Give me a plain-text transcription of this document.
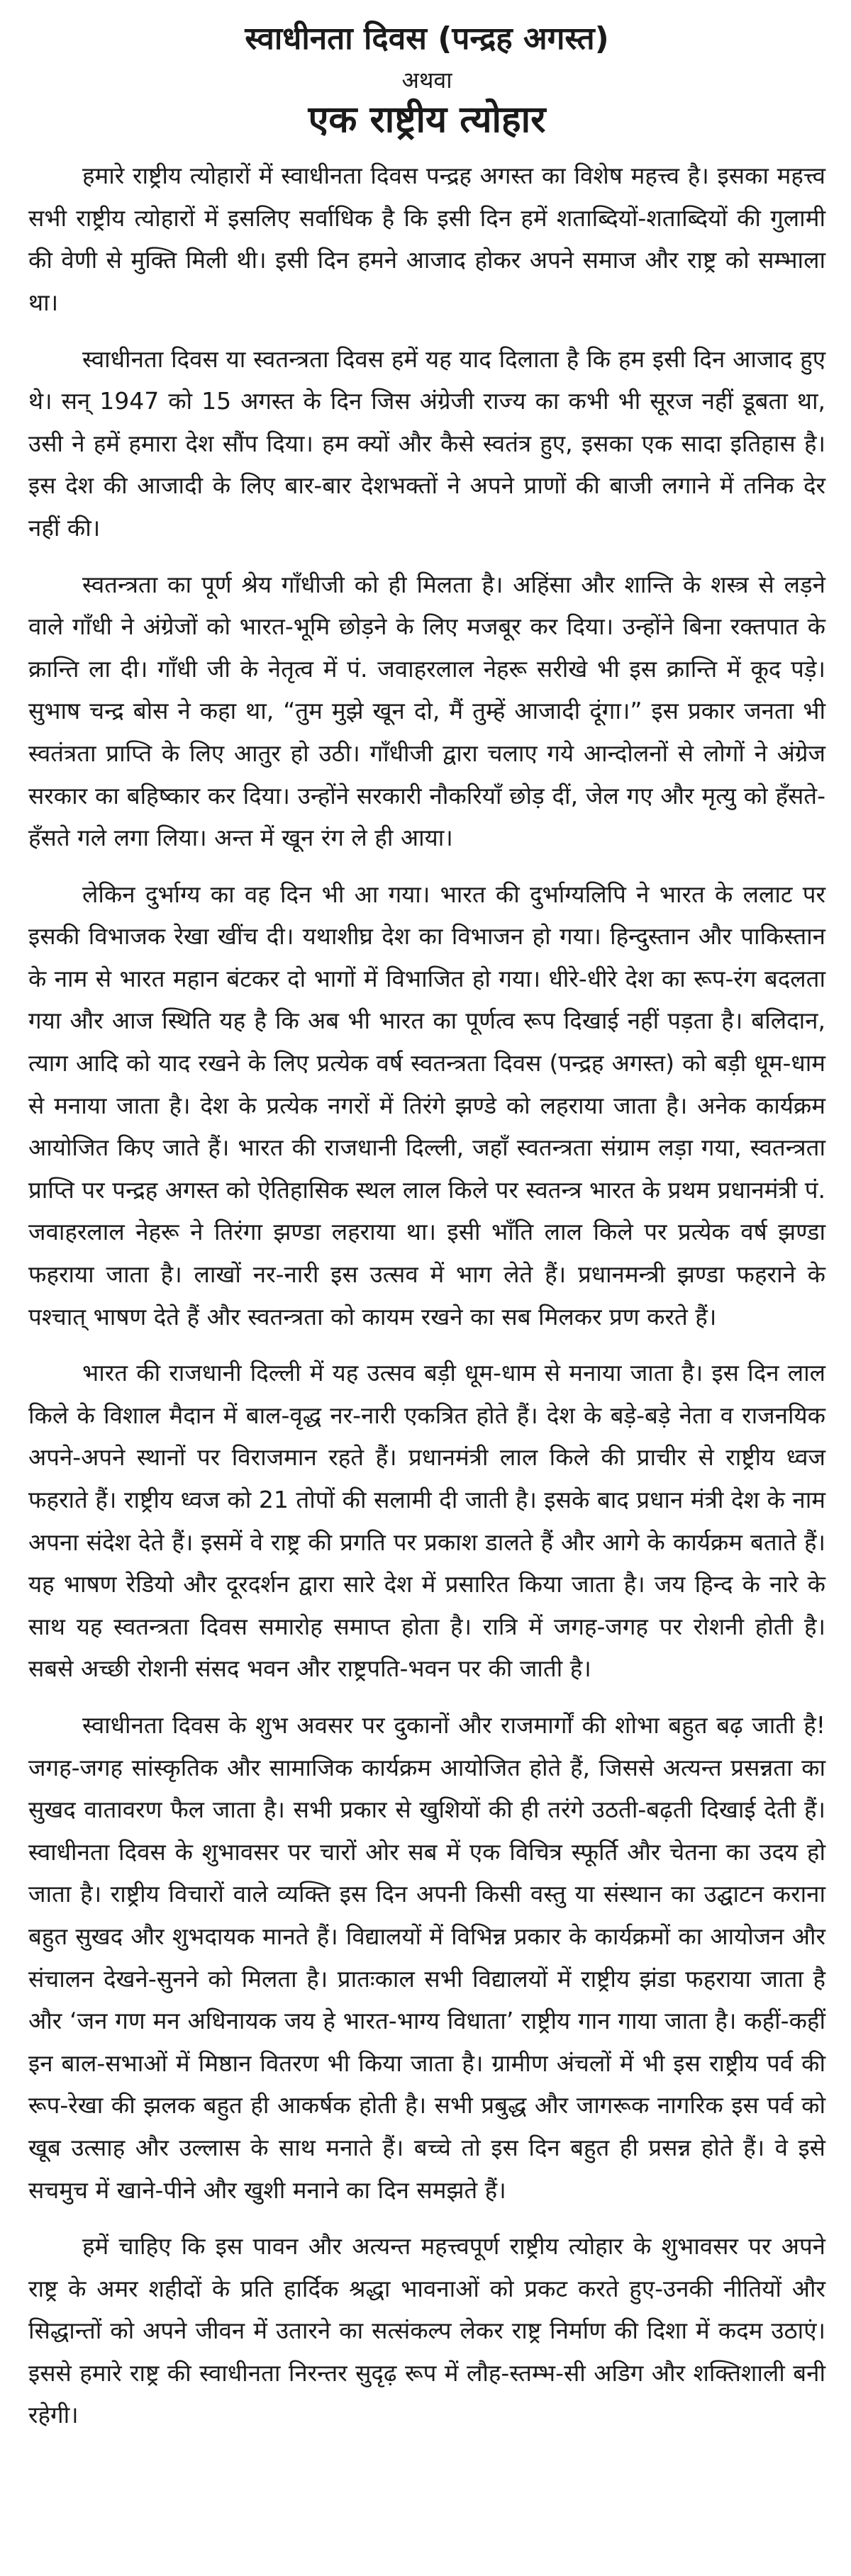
स्वाधीनता दिवस (पन्द्रह अगस्त)
अथवा
एक राष्ट्रीय त्योहार

हमारे राष्ट्रीय त्योहारों में स्वाधीनता दिवस पन्द्रह अगस्त का विशेष महत्त्व है। इसका महत्त्व सभी राष्ट्रीय त्योहारों में इसलिए सर्वाधिक है कि इसी दिन हमें शताब्दियों-शताब्दियों की गुलामी की वेणी से मुक्ति मिली थी। इसी दिन हमने आजाद होकर अपने समाज और राष्ट्र को सम्भाला था।

स्वाधीनता दिवस या स्वतन्त्रता दिवस हमें यह याद दिलाता है कि हम इसी दिन आजाद हुए थे। सन् 1947 को 15 अगस्त के दिन जिस अंग्रेजी राज्य का कभी भी सूरज नहीं डूबता था, उसी ने हमें हमारा देश सौंप दिया। हम क्यों और कैसे स्वतंत्र हुए, इसका एक सादा इतिहास है। इस देश की आजादी के लिए बार-बार देशभक्तों ने अपने प्राणों की बाजी लगाने में तनिक देर नहीं की।

स्वतन्त्रता का पूर्ण श्रेय गाँधीजी को ही मिलता है। अहिंसा और शान्ति के शस्त्र से लड़ने वाले गाँधी ने अंग्रेजों को भारत-भूमि छोड़ने के लिए मजबूर कर दिया। उन्होंने बिना रक्तपात के क्रान्ति ला दी। गाँधी जी के नेतृत्व में पं. जवाहरलाल नेहरू सरीखे भी इस क्रान्ति में कूद पड़े। सुभाष चन्द्र बोस ने कहा था, “तुम मुझे खून दो, मैं तुम्हें आजादी दूंगा।” इस प्रकार जनता भी स्वतंत्रता प्राप्ति के लिए आतुर हो उठी। गाँधीजी द्वारा चलाए गये आन्दोलनों से लोगों ने अंग्रेज सरकार का बहिष्कार कर दिया। उन्होंने सरकारी नौकरियाँ छोड़ दीं, जेल गए और मृत्यु को हँसते-हँसते गले लगा लिया। अन्त में खून रंग ले ही आया।

लेकिन दुर्भाग्य का वह दिन भी आ गया। भारत की दुर्भाग्यलिपि ने भारत के ललाट पर इसकी विभाजक रेखा खींच दी। यथाशीघ्र देश का विभाजन हो गया। हिन्दुस्तान और पाकिस्तान के नाम से भारत महान बंटकर दो भागों में विभाजित हो गया। धीरे-धीरे देश का रूप-रंग बदलता गया और आज स्थिति यह है कि अब भी भारत का पूर्णत्व रूप दिखाई नहीं पड़ता है। बलिदान, त्याग आदि को याद रखने के लिए प्रत्येक वर्ष स्वतन्त्रता दिवस (पन्द्रह अगस्त) को बड़ी धूम-धाम से मनाया जाता है। देश के प्रत्येक नगरों में तिरंगे झण्डे को लहराया जाता है। अनेक कार्यक्रम आयोजित किए जाते हैं। भारत की राजधानी दिल्ली, जहाँ स्वतन्त्रता संग्राम लड़ा गया, स्वतन्त्रता प्राप्ति पर पन्द्रह अगस्त को ऐतिहासिक स्थल लाल किले पर स्वतन्त्र भारत के प्रथम प्रधानमंत्री पं. जवाहरलाल नेहरू ने तिरंगा झण्डा लहराया था। इसी भाँति लाल किले पर प्रत्येक वर्ष झण्डा फहराया जाता है। लाखों नर-नारी इस उत्सव में भाग लेते हैं। प्रधानमन्त्री झण्डा फहराने के पश्चात् भाषण देते हैं और स्वतन्त्रता को कायम रखने का सब मिलकर प्रण करते हैं।

भारत की राजधानी दिल्ली में यह उत्सव बड़ी धूम-धाम से मनाया जाता है। इस दिन लाल किले के विशाल मैदान में बाल-वृद्ध नर-नारी एकत्रित होते हैं। देश के बड़े-बड़े नेता व राजनयिक अपने-अपने स्थानों पर विराजमान रहते हैं। प्रधानमंत्री लाल किले की प्राचीर से राष्ट्रीय ध्वज फहराते हैं। राष्ट्रीय ध्वज को 21 तोपों की सलामी दी जाती है। इसके बाद प्रधान मंत्री देश के नाम अपना संदेश देते हैं। इसमें वे राष्ट्र की प्रगति पर प्रकाश डालते हैं और आगे के कार्यक्रम बताते हैं। यह भाषण रेडियो और दूरदर्शन द्वारा सारे देश में प्रसारित किया जाता है। जय हिन्द के नारे के साथ यह स्वतन्त्रता दिवस समारोह समाप्त होता है। रात्रि में जगह-जगह पर रोशनी होती है। सबसे अच्छी रोशनी संसद भवन और राष्ट्रपति-भवन पर की जाती है।

स्वाधीनता दिवस के शुभ अवसर पर दुकानों और राजमार्गों की शोभा बहुत बढ़ जाती है! जगह-जगह सांस्कृतिक और सामाजिक कार्यक्रम आयोजित होते हैं, जिससे अत्यन्त प्रसन्नता का सुखद वातावरण फैल जाता है। सभी प्रकार से खुशियों की ही तरंगे उठती-बढ़ती दिखाई देती हैं। स्वाधीनता दिवस के शुभावसर पर चारों ओर सब में एक विचित्र स्फूर्ति और चेतना का उदय हो जाता है। राष्ट्रीय विचारों वाले व्यक्ति इस दिन अपनी किसी वस्तु या संस्थान का उद्घाटन कराना बहुत सुखद और शुभदायक मानते हैं। विद्यालयों में विभिन्न प्रकार के कार्यक्रमों का आयोजन और संचालन देखने-सुनने को मिलता है। प्रातःकाल सभी विद्यालयों में राष्ट्रीय झंडा फहराया जाता है और ‘जन गण मन अधिनायक जय हे भारत-भाग्य विधाता’ राष्ट्रीय गान गाया जाता है। कहीं-कहीं इन बाल-सभाओं में मिष्ठान वितरण भी किया जाता है। ग्रामीण अंचलों में भी इस राष्ट्रीय पर्व की रूप-रेखा की झलक बहुत ही आकर्षक होती है। सभी प्रबुद्ध और जागरूक नागरिक इस पर्व को खूब उत्साह और उल्लास के साथ मनाते हैं। बच्चे तो इस दिन बहुत ही प्रसन्न होते हैं। वे इसे सचमुच में खाने-पीने और खुशी मनाने का दिन समझते हैं।

हमें चाहिए कि इस पावन और अत्यन्त महत्त्वपूर्ण राष्ट्रीय त्योहार के शुभावसर पर अपने राष्ट्र के अमर शहीदों के प्रति हार्दिक श्रद्धा भावनाओं को प्रकट करते हुए-उनकी नीतियों और सिद्धान्तों को अपने जीवन में उतारने का सत्संकल्प लेकर राष्ट्र निर्माण की दिशा में कदम उठाएं। इससे हमारे राष्ट्र की स्वाधीनता निरन्तर सुदृढ़ रूप में लौह-स्तम्भ-सी अडिग और शक्तिशाली बनी रहेगी।
